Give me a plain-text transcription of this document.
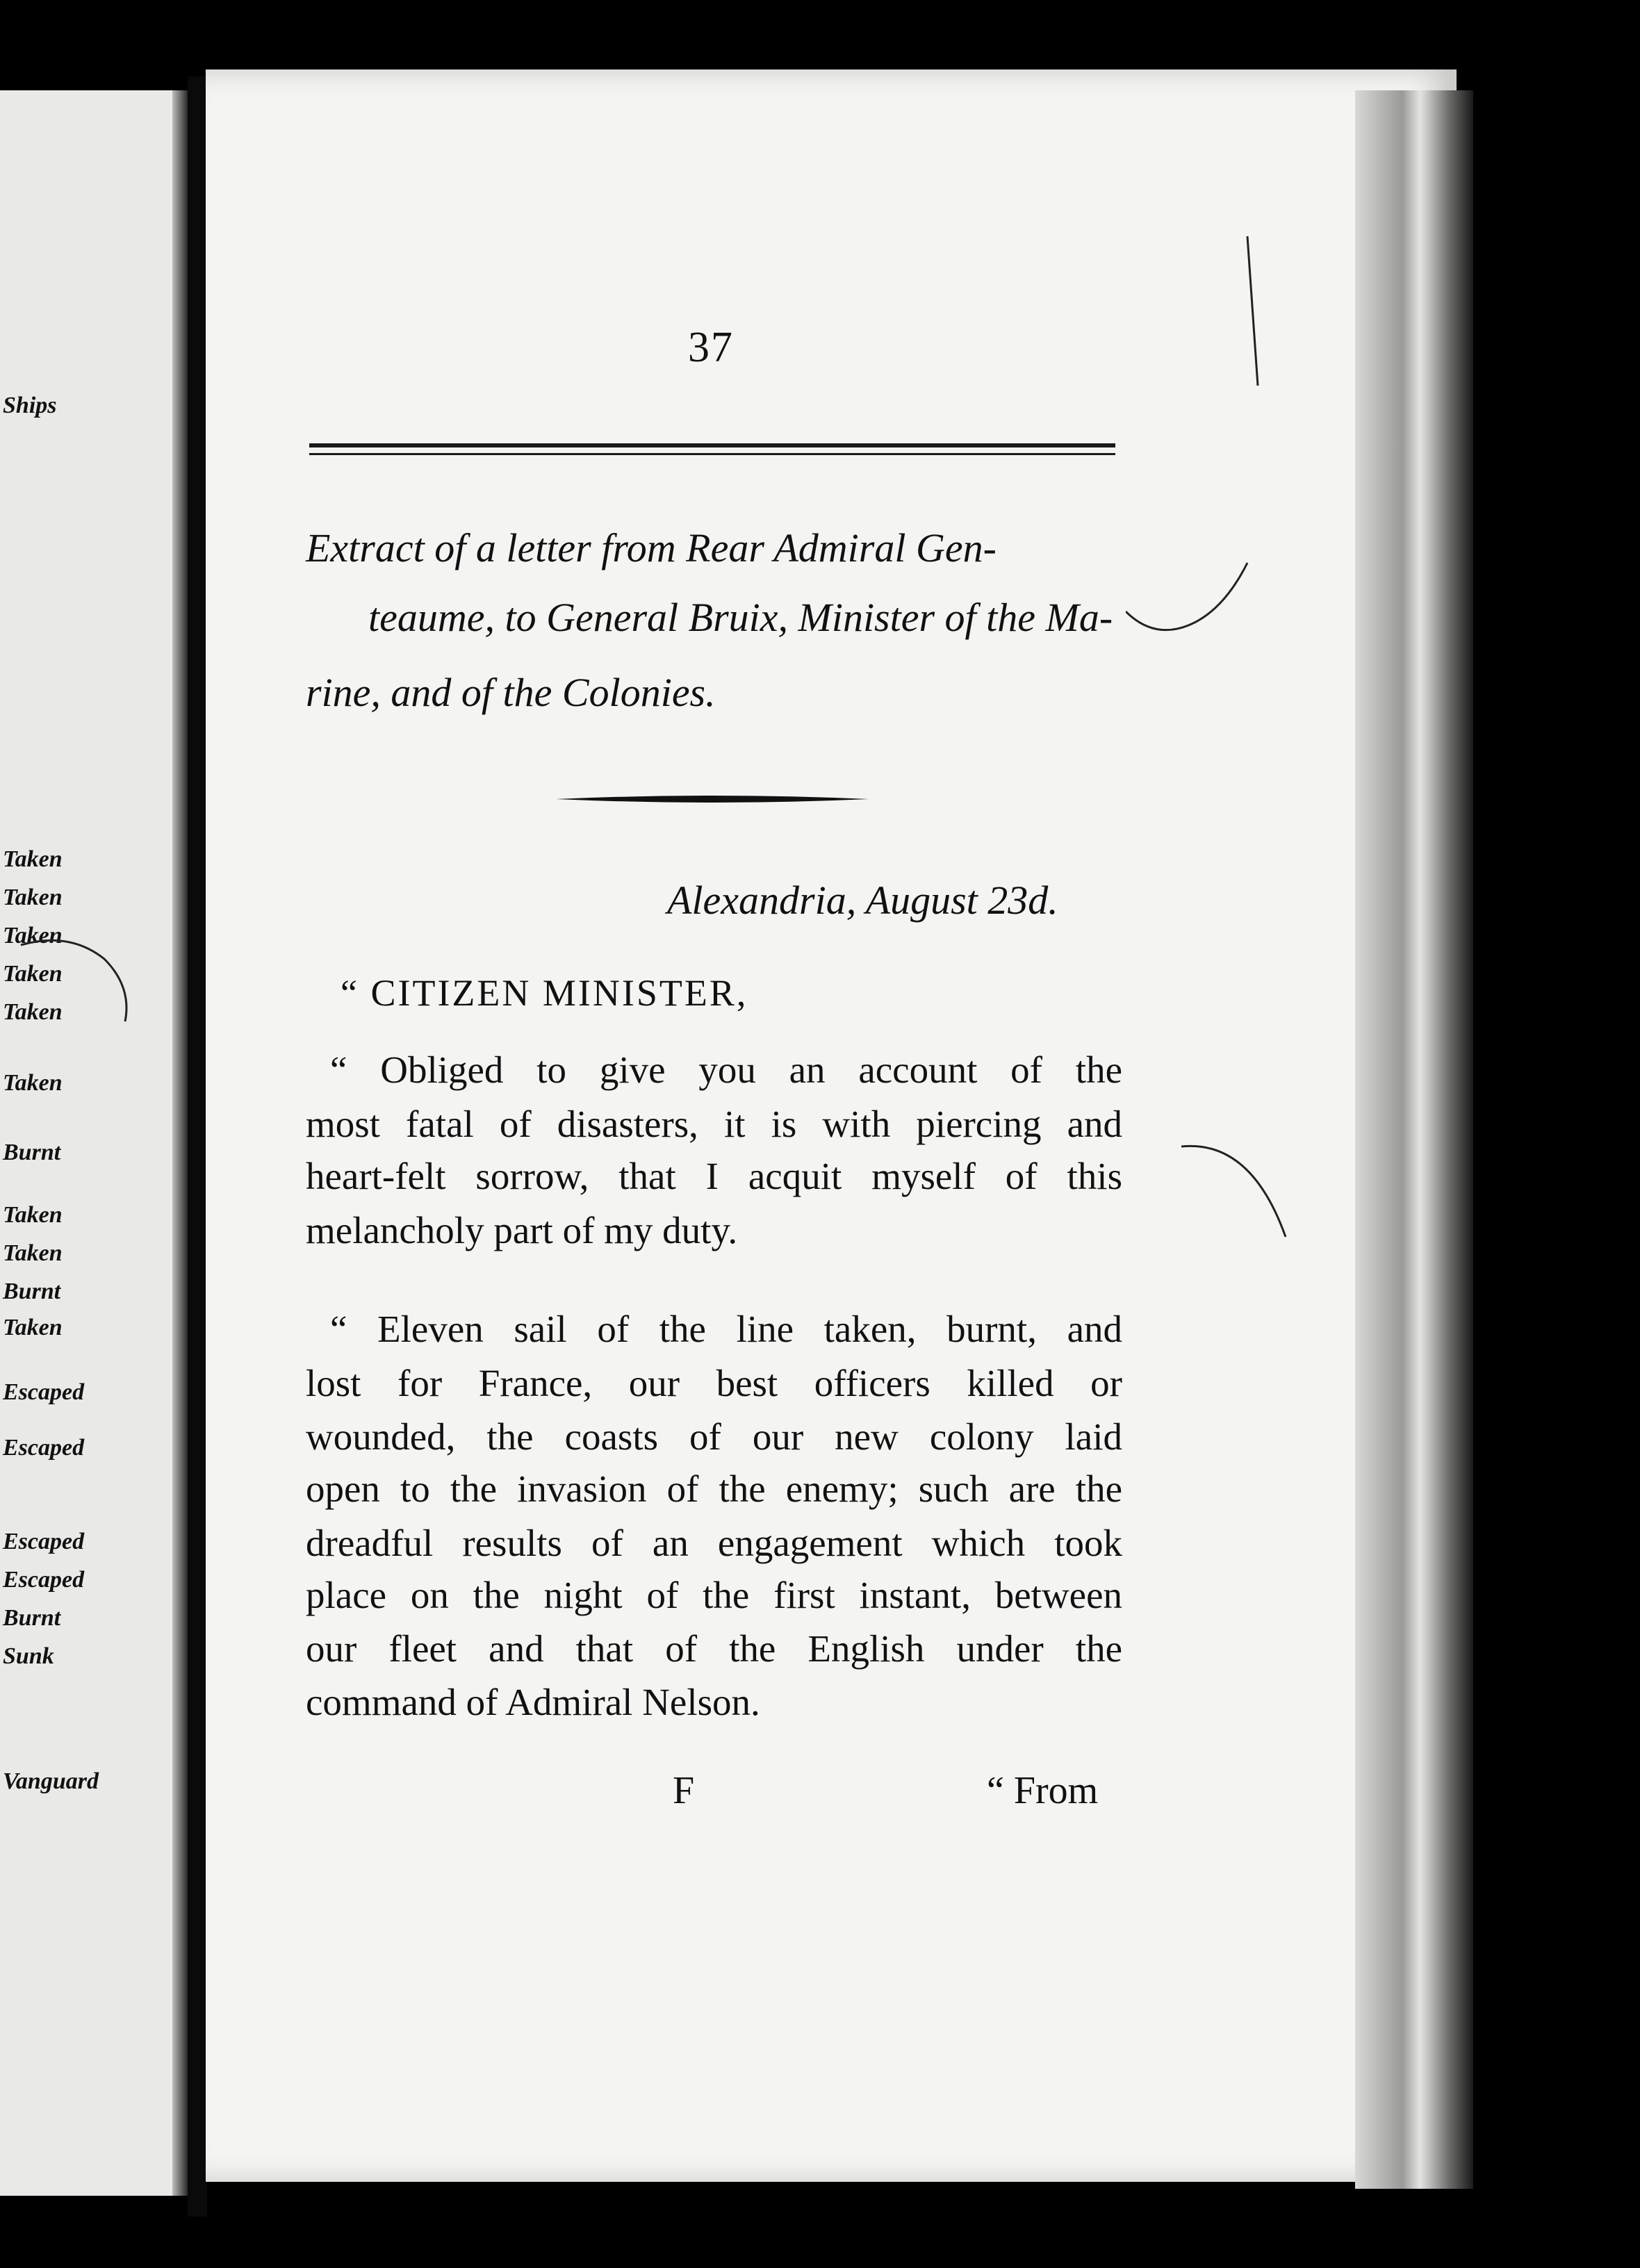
Ships
Taken
Taken
Taken
Taken
Taken
Taken
Burnt
Taken
Taken
Burnt
Taken
Escaped
Escaped
Escaped
Escaped
Burnt
Sunk
Vanguard
37
Extract of a letter from Rear Admiral Gen-
teaume, to General Bruix, Minister of the Ma-
rine, and of the Colonies.
Alexandria, August 23d.
“ CITIZEN MINISTER,
“ Obliged to give you an account of the
most fatal of disasters, it is with piercing and
heart-felt sorrow, that I acquit myself of this
melancholy part of my duty.
“ Eleven sail of the line taken, burnt, and
lost for France, our best officers killed or
wounded, the coasts of our new colony laid
open to the invasion of the enemy; such are the
dreadful results of an engagement which took
place on the night of the first instant, between
our fleet and that of the English under the
command of Admiral Nelson.
F	“ From
